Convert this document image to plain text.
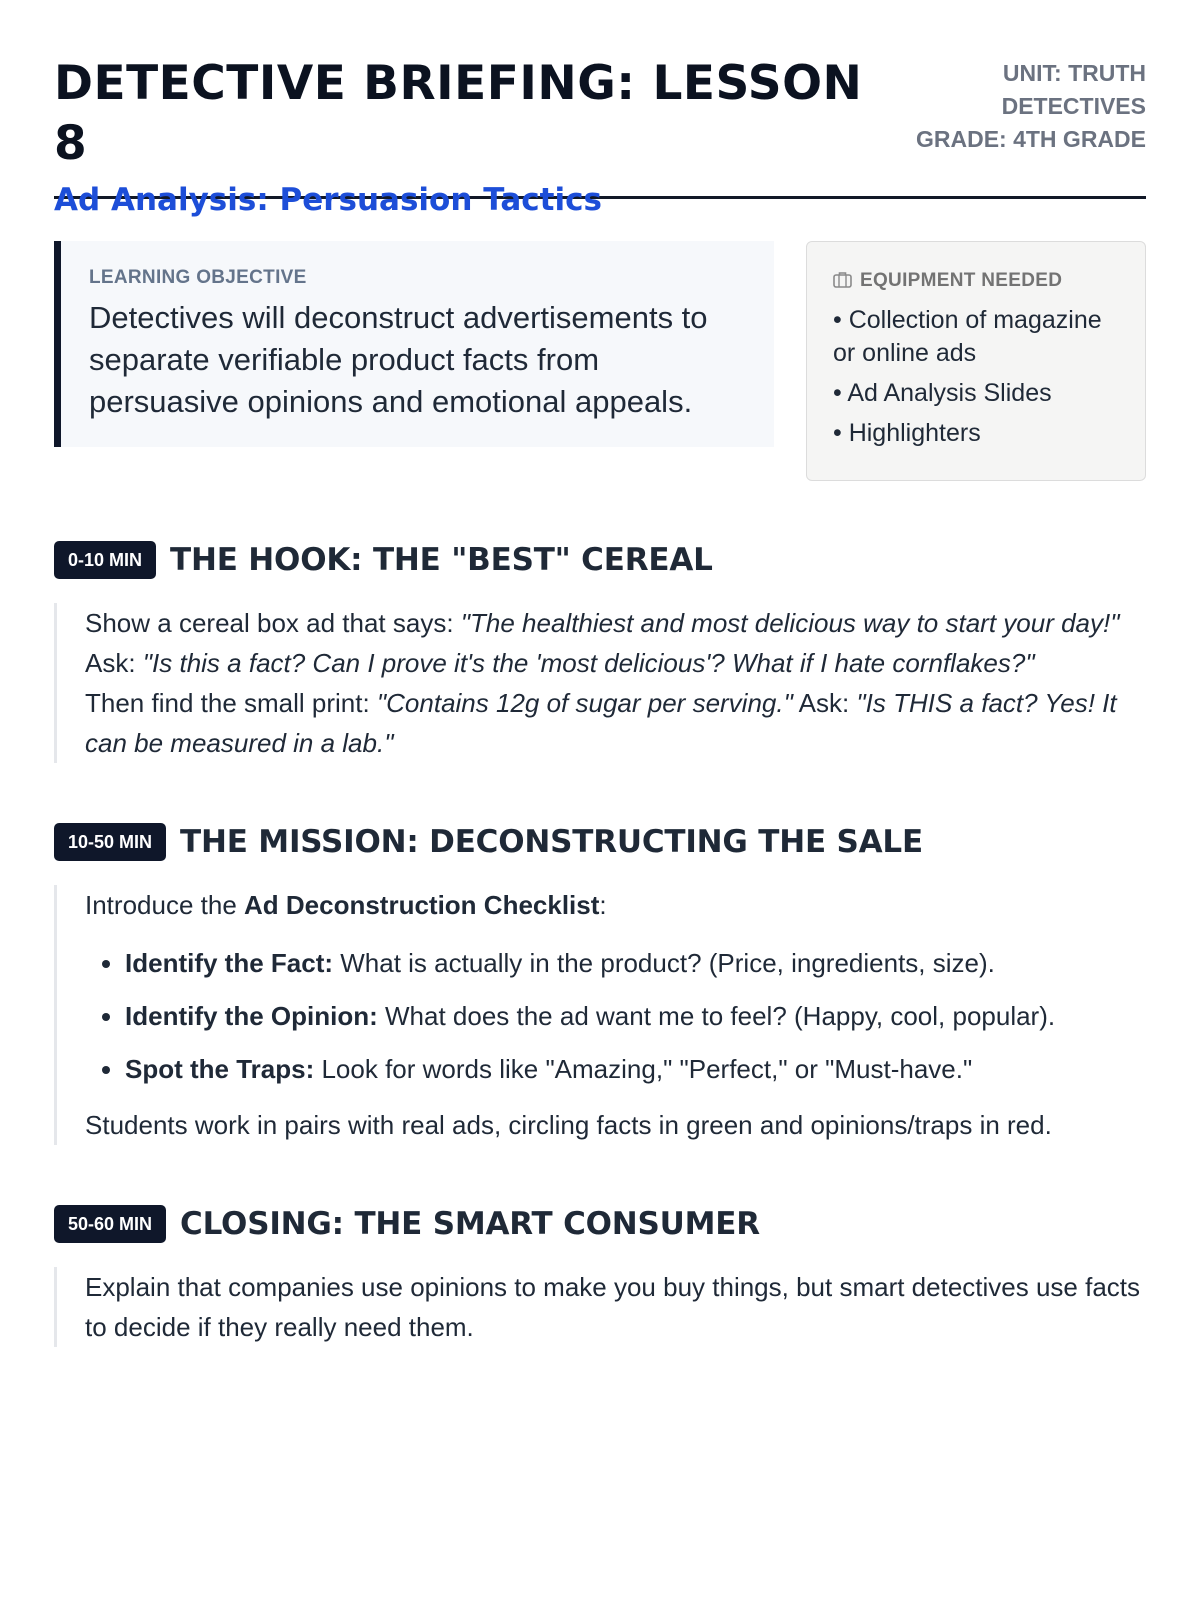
DETECTIVE BRIEFING: LESSON 8
Ad Analysis: Persuasion Tactics
UNIT: TRUTH DETECTIVES
GRADE: 4TH GRADE
LEARNING OBJECTIVE
Detectives will deconstruct advertisements to separate verifiable product facts from persuasive opinions and emotional appeals.
EQUIPMENT NEEDED
• Collection of magazine or online ads
• Ad Analysis Slides
• Highlighters
0-10 MIN THE HOOK: THE "BEST" CEREAL

Show a cereal box ad that says: "The healthiest and most delicious way to start your day!" Ask: "Is this a fact? Can I prove it's the 'most delicious'? What if I hate cornflakes?"

Then find the small print: "Contains 12g of sugar per serving." Ask: "Is THIS a fact? Yes! It can be measured in a lab."

10-50 MIN THE MISSION: DECONSTRUCTING THE SALE

Introduce the Ad Deconstruction Checklist:

• Identify the Fact: What is actually in the product? (Price, ingredients, size).
• Identify the Opinion: What does the ad want me to feel? (Happy, cool, popular).
• Spot the Traps: Look for words like "Amazing," "Perfect," or "Must-have."

Students work in pairs with real ads, circling facts in green and opinions/traps in red.

50-60 MIN CLOSING: THE SMART CONSUMER

Explain that companies use opinions to make you buy things, but smart detectives use facts to decide if they really need them.
